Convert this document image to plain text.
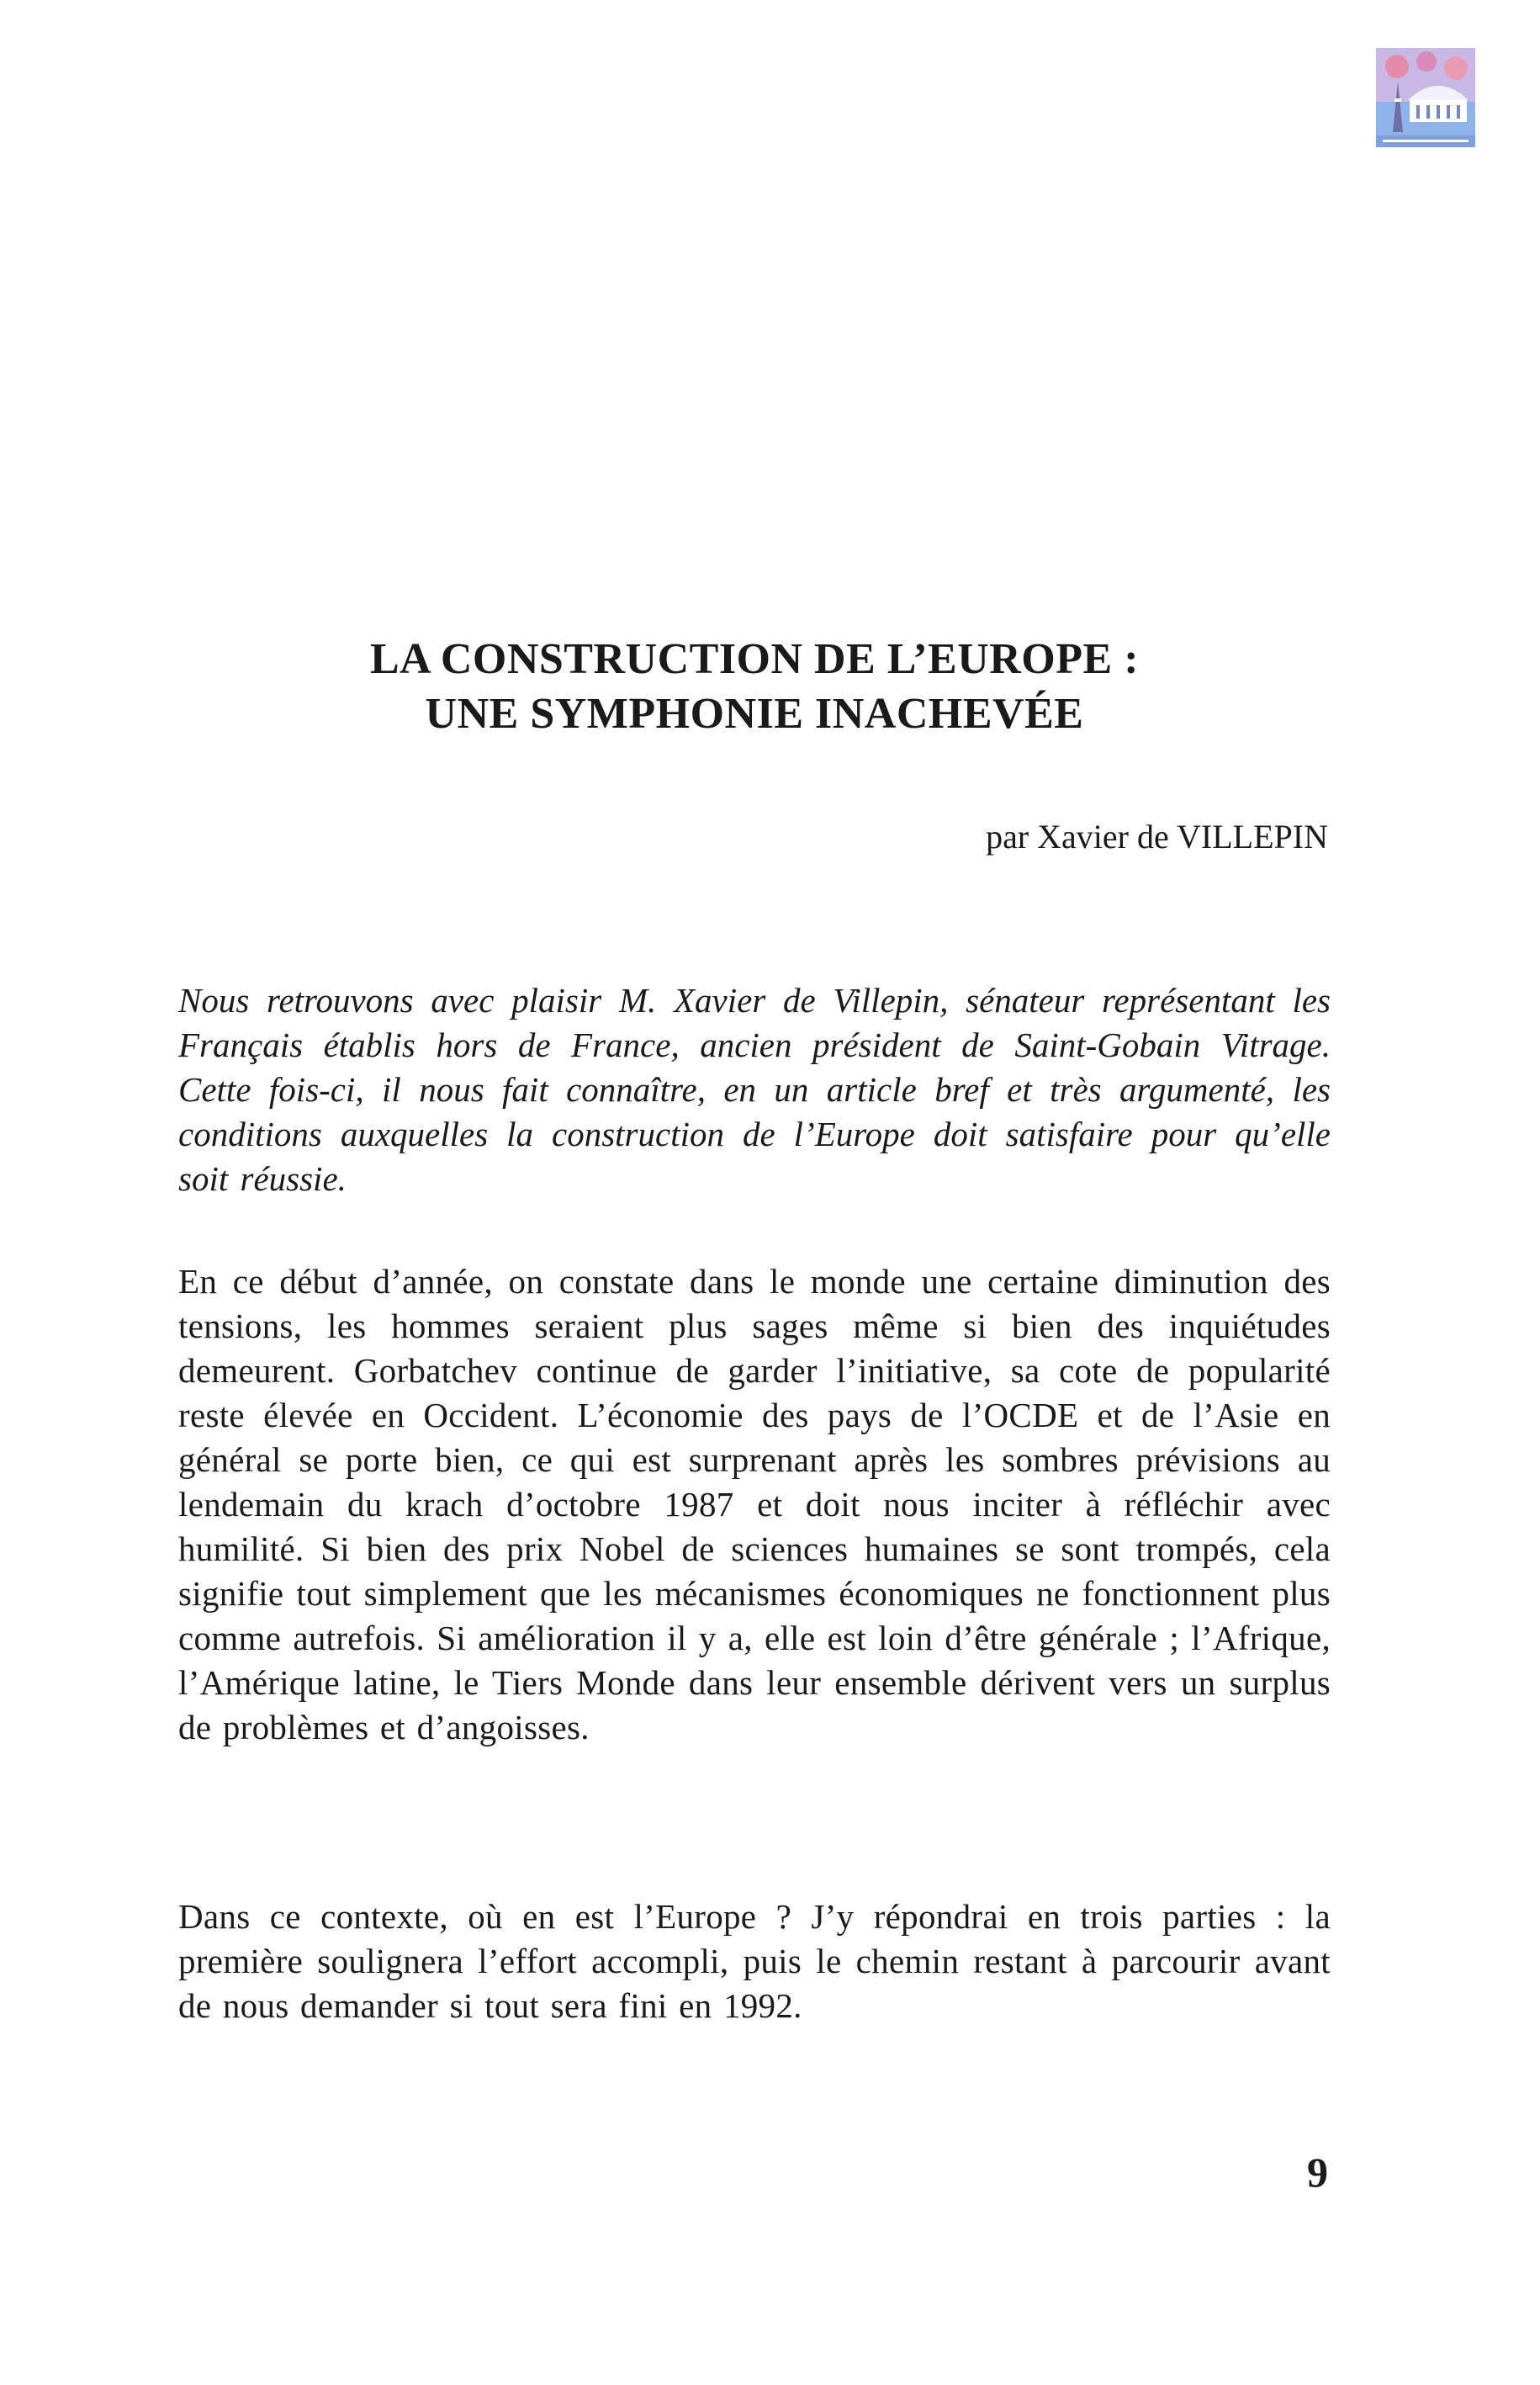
LA CONSTRUCTION DE L’EUROPE :
UNE SYMPHONIE INACHEVÉE

par Xavier de VILLEPIN

Nous retrouvons avec plaisir M. Xavier de Villepin, sénateur représentant les Français établis hors de France, ancien président de Saint-Gobain Vitrage. Cette fois-ci, il nous fait connaître, en un article bref et très argumenté, les conditions auxquelles la construction de l’Europe doit satisfaire pour qu’elle soit réussie.

En ce début d’année, on constate dans le monde une certaine diminution des tensions, les hommes seraient plus sages même si bien des inquiétudes demeurent. Gorbatchev continue de garder l’initiative, sa cote de popularité reste élevée en Occident. L’économie des pays de l’OCDE et de l’Asie en général se porte bien, ce qui est surprenant après les sombres prévisions au lendemain du krach d’octobre 1987 et doit nous inciter à réfléchir avec humilité. Si bien des prix Nobel de sciences humaines se sont trompés, cela signifie tout simplement que les mécanismes économiques ne fonctionnent plus comme autrefois. Si amélioration il y a, elle est loin d’être générale ; l’Afrique, l’Amérique latine, le Tiers Monde dans leur ensemble dérivent vers un surplus de problèmes et d’angoisses.

Dans ce contexte, où en est l’Europe ? J’y répondrai en trois parties : la première soulignera l’effort accompli, puis le chemin restant à parcourir avant de nous demander si tout sera fini en 1992.

9
